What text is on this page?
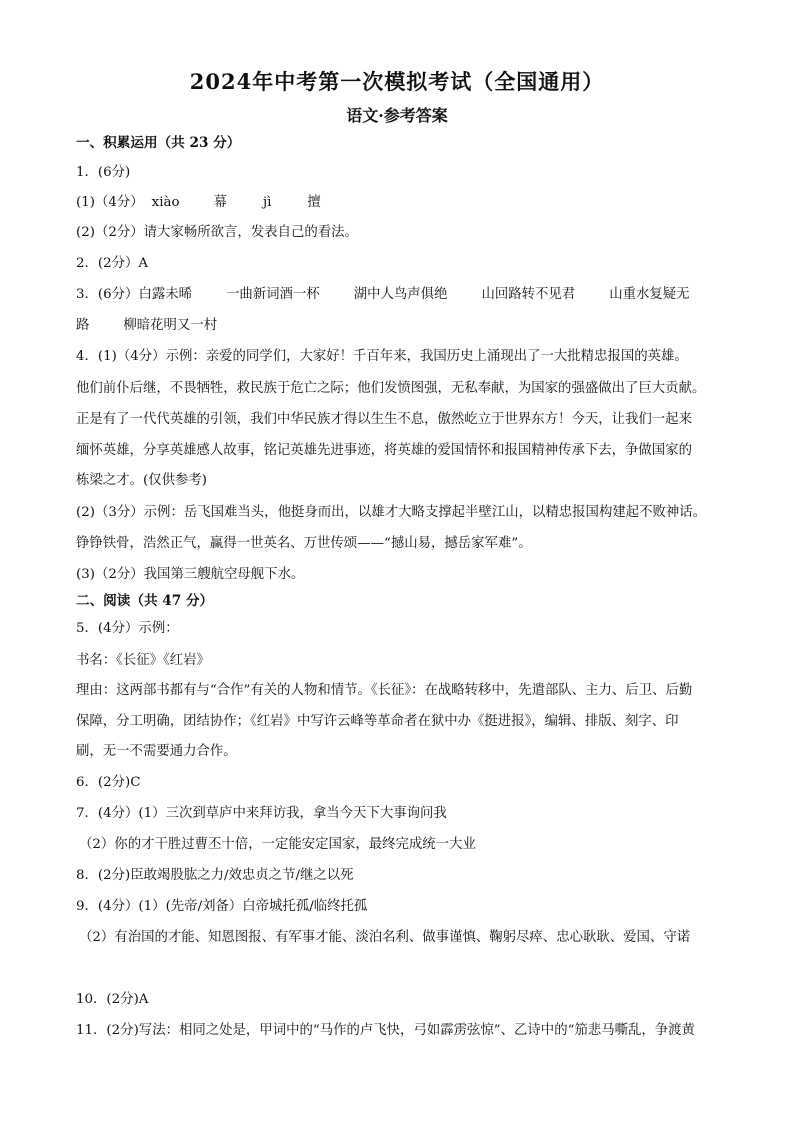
2024年中考第一次模拟考试（全国通用）
语文·参考答案
一、积累运用（共 23 分）
1．(6分)
(1)（4分） xiào	幕	jì	擅
(2)（2分）请大家畅所欲言，发表自己的看法。
2．(2分）A
3．(6分）白露未晞	一曲新词酒一杯	湖中人鸟声俱绝	山回路转不见君	山重水复疑无
路	柳暗花明又一村
4．(1)（4分）示例：亲爱的同学们，大家好！千百年来，我国历史上涌现出了一大批精忠报国的英雄。
他们前仆后继，不畏牺牲，救民族于危亡之际；他们发愤图强，无私奉献，为国家的强盛做出了巨大贡献。
正是有了一代代英雄的引领，我们中华民族才得以生生不息，傲然屹立于世界东方！今天，让我们一起来
缅怀英雄，分享英雄感人故事，铭记英雄先进事迹，将英雄的爱国情怀和报国精神传承下去，争做国家的
栋梁之才。(仅供参考)
(2)（3分）示例：岳飞国难当头，他挺身而出，以雄才大略支撑起半壁江山，以精忠报国构建起不败神话。
铮铮铁骨，浩然正气，赢得一世英名、万世传颂——“撼山易，撼岳家军难”。
(3)（2分）我国第三艘航空母舰下水。
二、阅读（共 47 分）
5．(4分）示例：
书名：《长征》《红岩》
理由：这两部书都有与“合作”有关的人物和情节。《长征》：在战略转移中，先遣部队、主力、后卫、后勤
保障，分工明确，团结协作；《红岩》中写许云峰等革命者在狱中办《挺进报》，编辑、排版、刻字、印
刷，无一不需要通力合作。
6．(2分)C
7．(4分）(1）三次到草庐中来拜访我，拿当今天下大事询问我
（2）你的才干胜过曹丕十倍，一定能安定国家，最终完成统一大业
8．(2分)臣敢竭股肱之力/效忠贞之节/继之以死
9．(4分）(1）(先帝/刘备）白帝城托孤/临终托孤
（2）有治国的才能、知恩图报、有军事才能、淡泊名利、做事谨慎、鞠躬尽瘁、忠心耿耿、爱国、守诺
10．(2分)A
11．(2分)写法：相同之处是，甲词中的“马作的卢飞快，弓如霹雳弦惊”、乙诗中的“笳悲马嘶乱，争渡黄
